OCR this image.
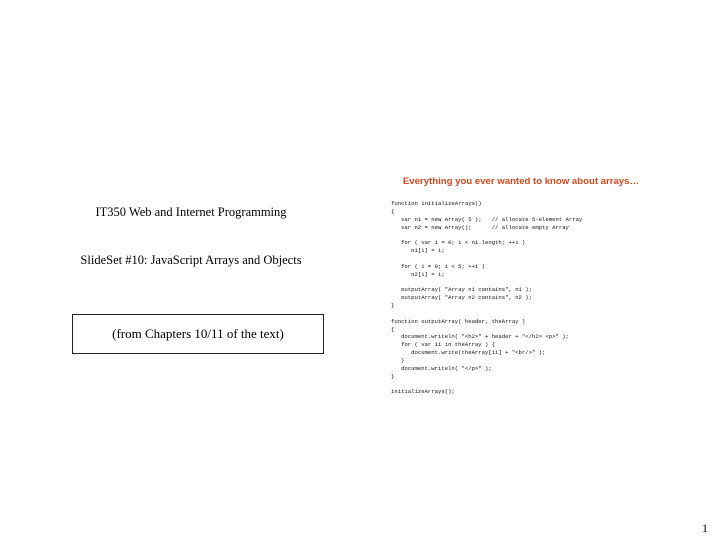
IT350 Web and Internet Programming
SlideSet #10: JavaScript Arrays and Objects
(from Chapters 10/11 of the text)
Everything you ever wanted to know about arrays…
function initializeArrays()
{
var n1 = new Array( 5 );   // allocate 5-element Array
var n2 = new Array();      // allocate empty Array

for ( var i = 0; i < n1.length; ++i )
n1[i] = i;

for ( i = 0; i < 5; ++i )
n2[i] = i;

outputArray( "Array n1 contains", n1 );
outputArray( "Array n2 contains", n2 );
}

function outputArray( header, theArray )
{
document.writeln( "<h2>" + header + "</h2> <p>" );
for ( var ii in theArray ) {
document.write(theArray[ii] + "<br/>" );
}
document.writeln( "</p>" );
}

initializeArrays();

1
